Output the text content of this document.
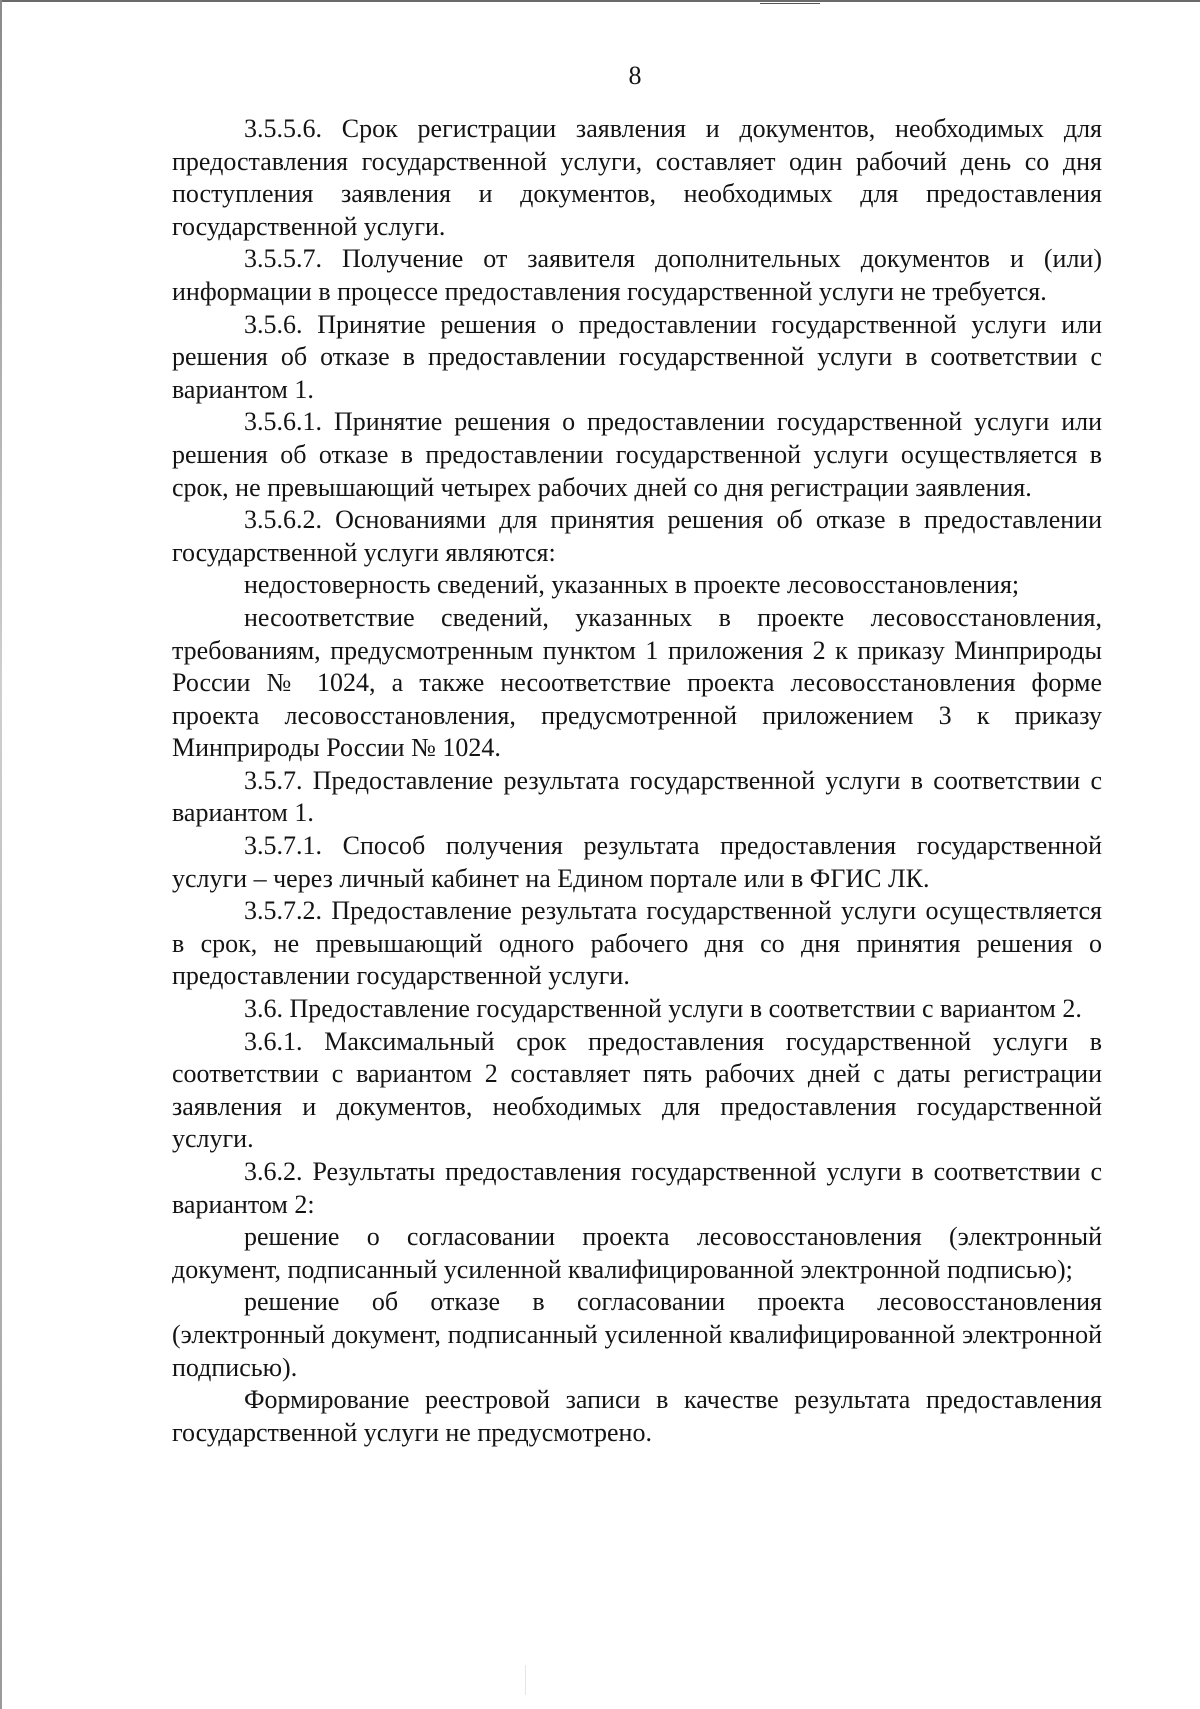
8

3.5.5.6. Срок регистрации заявления и документов, необходимых для предоставления государственной услуги, составляет один рабочий день со дня поступления заявления и документов, необходимых для предоставления государственной услуги.

3.5.5.7. Получение от заявителя дополнительных документов и (или) информации в процессе предоставления государственной услуги не требуется.

3.5.6. Принятие решения о предоставлении государственной услуги или решения об отказе в предоставлении государственной услуги в соответствии с вариантом 1.

3.5.6.1. Принятие решения о предоставлении государственной услуги или решения об отказе в предоставлении государственной услуги осуществляется в срок, не превышающий четырех рабочих дней со дня регистрации заявления.

3.5.6.2. Основаниями для принятия решения об отказе в предоставлении государственной услуги являются:

недостоверность сведений, указанных в проекте лесовосстановления;

несоответствие сведений, указанных в проекте лесовосстановления, требованиям, предусмотренным пунктом 1 приложения 2 к приказу Минприроды России № 1024, а также несоответствие проекта лесовосстановления форме проекта лесовосстановления, предусмотренной приложением 3 к приказу Минприроды России № 1024.

3.5.7. Предоставление результата государственной услуги в соответствии с вариантом 1.

3.5.7.1. Способ получения результата предоставления государственной услуги – через личный кабинет на Едином портале или в ФГИС ЛК.

3.5.7.2. Предоставление результата государственной услуги осуществляется в срок, не превышающий одного рабочего дня со дня принятия решения о предоставлении государственной услуги.

3.6. Предоставление государственной услуги в соответствии с вариантом 2.

3.6.1. Максимальный срок предоставления государственной услуги в соответствии с вариантом 2 составляет пять рабочих дней с даты регистрации заявления и документов, необходимых для предоставления государственной услуги.

3.6.2. Результаты предоставления государственной услуги в соответствии с вариантом 2:

решение о согласовании проекта лесовосстановления (электронный документ, подписанный усиленной квалифицированной электронной подписью);

решение об отказе в согласовании проекта лесовосстановления (электронный документ, подписанный усиленной квалифицированной электронной подписью).

Формирование реестровой записи в качестве результата предоставления государственной услуги не предусмотрено.
